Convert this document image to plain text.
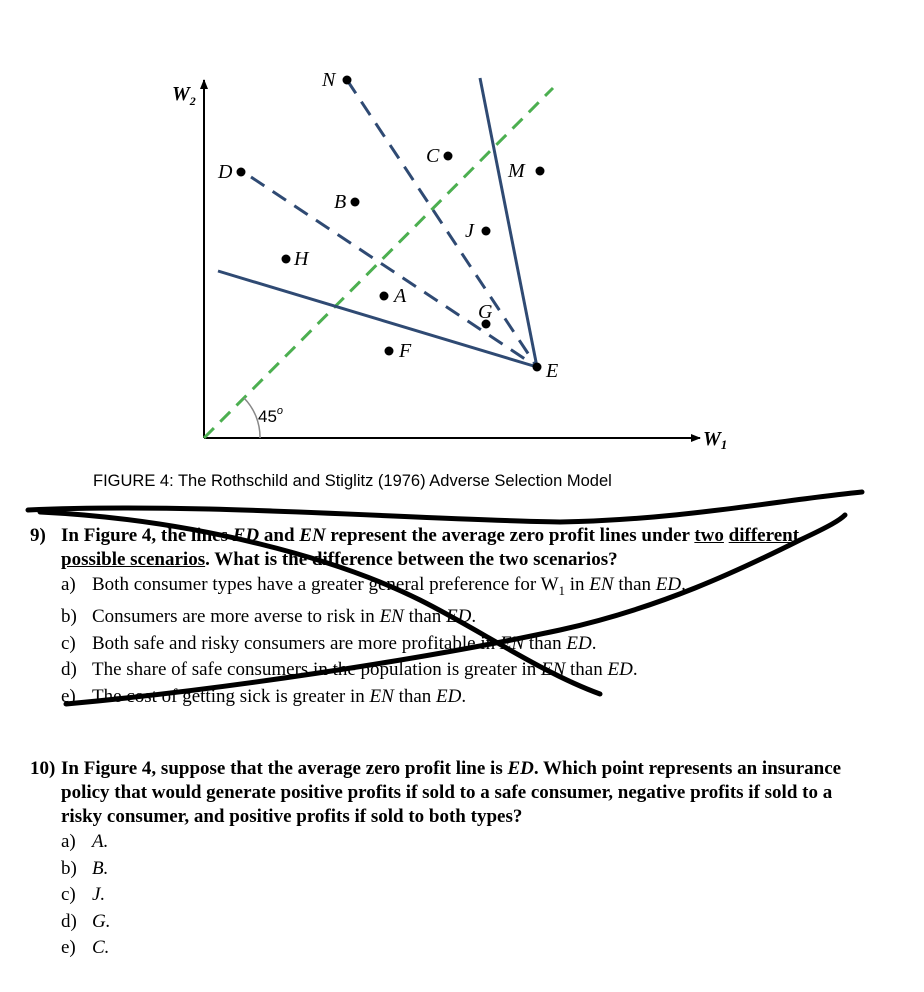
$W_2$
$W_1$
45$^o$
N
C
M
D
B
J
H
A
G
F
E
FIGURE 4: The Rothschild and Stiglitz (1976) Adverse Selection Model
9) In Figure 4, the lines ED and EN represent the average zero profit lines under two different possible scenarios. What is the difference between the two scenarios?
a) Both consumer types have a greater general preference for $W_1$ in EN than ED.
b) Consumers are more averse to risk in EN than ED.
c) Both safe and risky consumers are more profitable in EN than ED.
d) The share of safe consumers in the population is greater in EN than ED.
e) The cost of getting sick is greater in EN than ED.
10) In Figure 4, suppose that the average zero profit line is ED. Which point represents an insurance policy that would generate positive profits if sold to a safe consumer, negative profits if sold to a risky consumer, and positive profits if sold to both types?
a) A.
b) B.
c) J.
d) G.
e) C.
